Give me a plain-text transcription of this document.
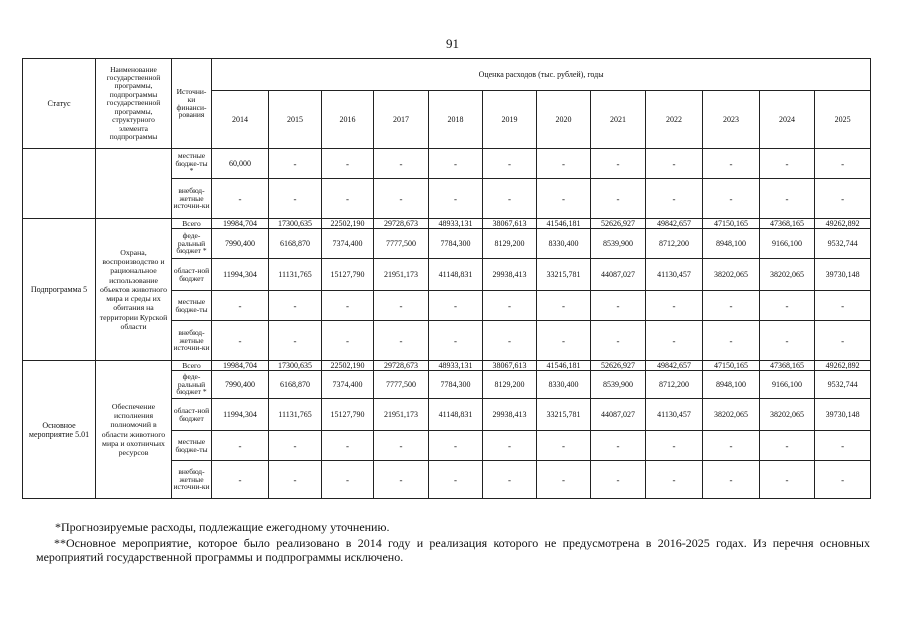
91
Статус	Наименование государственной программы, подпрограммы государственной программы, структурного элемента подпрограммы	Источни-ки финанси-рования	Оценка расходов (тыс. рублей), годы											
			2014	2015	2016	2017	2018	2019	2020	2021	2022	2023	2024	2025
		местные бюдже-ты *	60,000	-	-	-	-	-	-	-	-	-	-	-
		внебюд-жетные источни-ки	-	-	-	-	-	-	-	-	-	-	-	-
Подпрограмма 5	Охрана, воспроизводство и рациональное использование объектов животного мира и среды их обитания на территории Курской области	Всего	19984,704	17300,635	22502,190	29728,673	48933,131	38067,613	41546,181	52626,927	49842,657	47150,165	47368,165	49262,892
		феде-ральный бюджет *	7990,400	6168,870	7374,400	7777,500	7784,300	8129,200	8330,400	8539,900	8712,200	8948,100	9166,100	9532,744
		област-ной бюджет	11994,304	11131,765	15127,790	21951,173	41148,831	29938,413	33215,781	44087,027	41130,457	38202,065	38202,065	39730,148
		местные бюдже-ты	-	-	-	-	-	-	-	-	-	-	-	-
		внебюд-жетные источни-ки	-	-	-	-	-	-	-	-	-	-	-	-
Основное мероприятие 5.01	Обеспечение исполнения полномочий в области животного мира и охотничьих ресурсов	Всего	19984,704	17300,635	22502,190	29728,673	48933,131	38067,613	41546,181	52626,927	49842,657	47150,165	47368,165	49262,892
		феде-ральный бюджет *	7990,400	6168,870	7374,400	7777,500	7784,300	8129,200	8330,400	8539,900	8712,200	8948,100	9166,100	9532,744
		област-ной бюджет	11994,304	11131,765	15127,790	21951,173	41148,831	29938,413	33215,781	44087,027	41130,457	38202,065	38202,065	39730,148
		местные бюдже-ты	-	-	-	-	-	-	-	-	-	-	-	-
		внебюд-жетные источни-ки	-	-	-	-	-	-	-	-	-	-	-	-
*Прогнозируемые расходы, подлежащие ежегодному уточнению.
**Основное мероприятие, которое было реализовано в 2014 году и реализация которого не предусмотрена в 2016-2025 годах. Из перечня основных мероприятий государственной программы и подпрограммы исключено.
